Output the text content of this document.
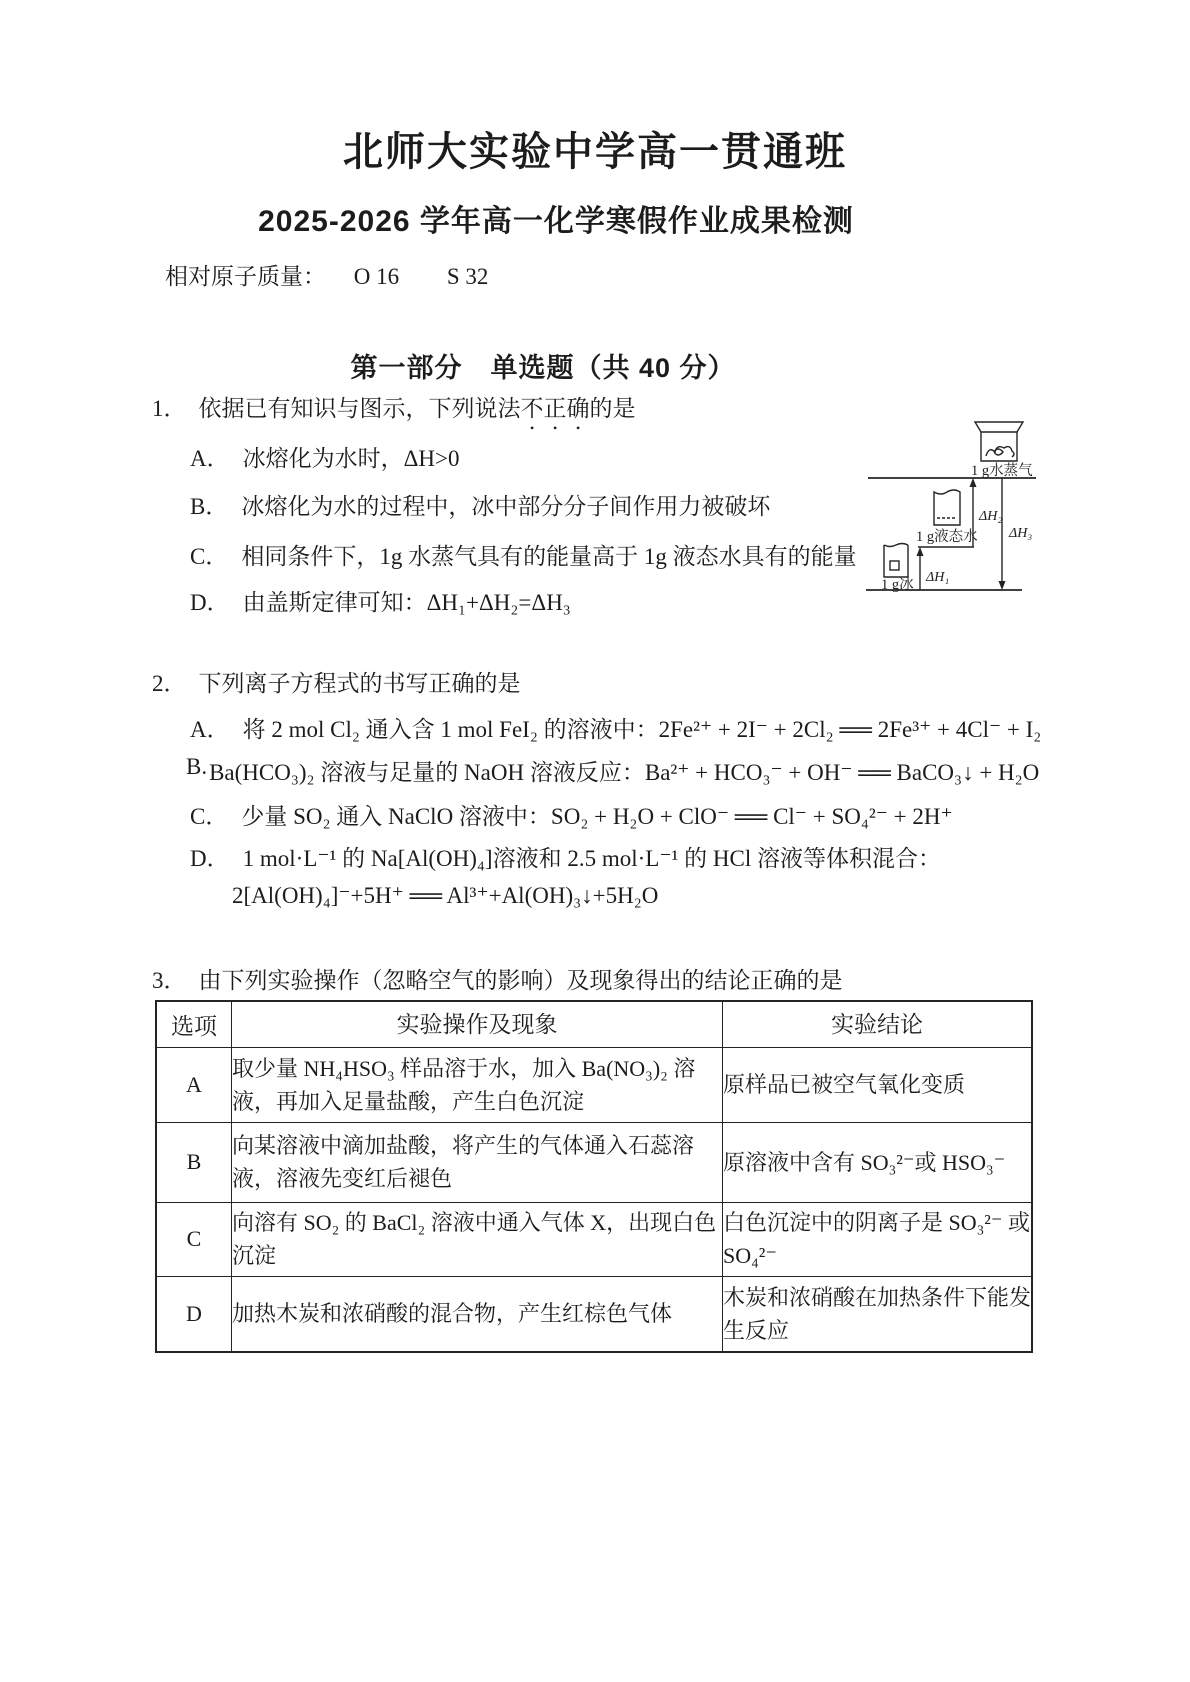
北师大实验中学高一贯通班
2025-2026 学年高一化学寒假作业成果检测
相对原子质量： O 16 S 32
第一部分　单选题（共 40 分）
1． 依据已有知识与图示，下列说法不正确的是
A． 冰熔化为水时，ΔH>0
B． 冰熔化为水的过程中，冰中部分分子间作用力被破坏
C． 相同条件下，1g 水蒸气具有的能量高于 1g 液态水具有的能量
D． 由盖斯定律可知：ΔH₁+ΔH₂=ΔH₃
1 g水蒸气
1 g液态水
ΔH₂
ΔH₃
1 g冰 ΔH₁
2． 下列离子方程式的书写正确的是
A． 将 2 mol Cl₂ 通入含 1 mol FeI₂ 的溶液中：2Fe²⁺ + 2I⁻ + 2Cl₂ ══ 2Fe³⁺ + 4Cl⁻ + I₂
B. Ba(HCO₃)₂ 溶液与足量的 NaOH 溶液反应：Ba²⁺ + HCO₃⁻ + OH⁻ ══ BaCO₃↓ + H₂O
C． 少量 SO₂ 通入 NaClO 溶液中：SO₂ + H₂O + ClO⁻ ══ Cl⁻ + SO₄²⁻ + 2H⁺
D． 1 mol·L⁻¹ 的 Na[Al(OH)₄]溶液和 2.5 mol·L⁻¹ 的 HCl 溶液等体积混合：
2[Al(OH)₄]⁻+5H⁺ ══ Al³⁺+Al(OH)₃↓+5H₂O
3． 由下列实验操作（忽略空气的影响）及现象得出的结论正确的是
选项	实验操作及现象	实验结论
A	取少量 NH₄HSO₃ 样品溶于水，加入 Ba(NO₃)₂ 溶液，再加入足量盐酸，产生白色沉淀	原样品已被空气氧化变质
B	向某溶液中滴加盐酸，将产生的气体通入石蕊溶液，溶液先变红后褪色	原溶液中含有 SO₃²⁻或 HSO₃⁻
C	向溶有 SO₂ 的 BaCl₂ 溶液中通入气体 X，出现白色沉淀	白色沉淀中的阴离子是 SO₃²⁻ 或 SO₄²⁻
D	加热木炭和浓硝酸的混合物，产生红棕色气体	木炭和浓硝酸在加热条件下能发生反应
